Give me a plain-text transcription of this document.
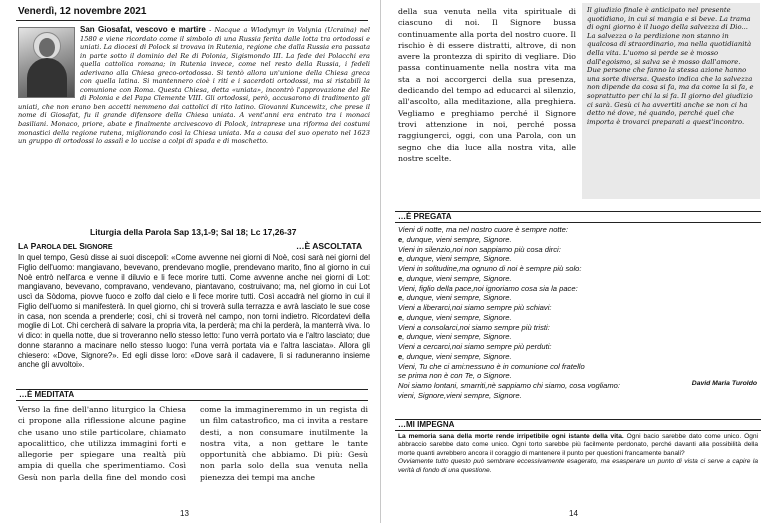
Venerdì, 12 novembre 2021
San Giosafat, vescovo e martire - Nacque a Wlodymyr in Volynia (Ucraina) nel 1580 e viene ricordato come il simbolo di una Russia ferita dalle lotta tra ortodossi e uniati. La diocesi di Polock si trovava in Rutenia, regione che dalla Russia era passata in parte sotto il dominio del Re di Polonia, Sigismondo III. La fede dei Polacchi era quella cattolica romana; in Rutenia invece, come nel resto della Russia, i fedeli aderivano alla Chiesa greco-ortodossa. Si tentò allora un'unione della Chiesa greca con quella latina. Si mantennero cioè i riti e i sacerdoti ortodossi, ma si ristabilì la comunione con Roma. Questa Chiesa, detta «uniata», incontrò l'approvazione del Re di Polonia e del Papa Clemente VIII. Gli ortodossi, però, accusarono di tradimento gli uniati, che non erano ben accetti nemmeno dai cattolici di rito latino. Giovanni Kuncewitz, che prese il nome di Giosafat, fu il grande difensore della Chiesa uniata. A vent'anni era entrato tra i monaci basiliani. Monaco, priore, abate e finalmente arcivescovo di Polock, intraprese una riforma dei costumi monastici della regione rutena, migliorando così la Chiesa uniata. Ma a causa del suo operato nel 1623 un gruppo di ortodossi lo assalì e lo uccise a colpi di spada e di moschetto.
Liturgia della Parola Sap 13,1-9; Sal 18; Lc 17,26-37
LA PAROLA DEL SIGNORE	…È ASCOLTATA
In quel tempo, Gesù disse ai suoi discepoli: «Come avvenne nei giorni di Noè, così sarà nei giorni del Figlio dell'uomo: mangiavano, bevevano, prendevano moglie, prendevano marito, fino al giorno in cui Noè entrò nell'arca e venne il diluvio e li fece morire tutti. Come avvenne anche nei giorni di Lot: mangiavano, bevevano, compravano, vendevano, piantavano, costruivano; ma, nel giorno in cui Lot uscì da Sòdoma, piovve fuoco e zolfo dal cielo e li fece morire tutti. Così accadrà nel giorno in cui il Figlio dell'uomo si manifesterà. In quel giorno, chi si troverà sulla terrazza e avrà lasciato le sue cose in casa, non scenda a prenderle; così, chi si troverà nel campo, non torni indietro. Ricordatevi della moglie di Lot. Chi cercherà di salvare la propria vita, la perderà; ma chi la perderà, la manterrà viva. Io vi dico: in quella notte, due si troveranno nello stesso letto: l'uno verrà portato via e l'altro lasciato; due donne staranno a macinare nello stesso luogo: l'una verrà portata via e l'altra lasciata». Allora gli chiesero: «Dove, Signore?». Ed egli disse loro: «Dove sarà il cadavere, lì si raduneranno insieme anche gli avvoltoi».
…È MEDITATA
Verso la fine dell'anno liturgico la Chiesa ci propone alla riflessione alcune pagine che usano uno stile particolare, chiamato apocalittico, che utilizza immagini forti e allegorie per spiegare una realtà più ampia di quella che sperimentiamo. Così Gesù non parla della fine del mondo così come la immagineremmo in un regista di un film catastrofico, ma ci invita a restare desti, a non consumare inutilmente la nostra vita, a non gettare le tante opportunità che abbiamo. Di più: Gesù non parla solo della sua venuta nella pienezza dei tempi ma anche
13
della sua venuta nella vita spirituale di ciascuno di noi. Il Signore bussa continuamente alla porta del nostro cuore. Il rischio è di essere distratti, altrove, di non avere la prontezza di spirito di vegliare. Dio passa continuamente nella nostra vita ma sta a noi accorgerci della sua presenza, dedicando del tempo ad educarci al silenzio, all'ascolto, alla meditazione, alla preghiera. Vegliamo e preghiamo perché il Signore trovi attenzione in noi, perché possa raggiungerci, oggi, con una Parola, con un segno che dia luce alla nostra vita, alle nostre scelte.
Il giudizio finale è anticipato nel presente quotidiano, in cui si mangia e si beve. La trama di ogni giorno è il luogo della salvezza di Dio... La salvezza o la perdizione non stanno in qualcosa di straordinario, ma nella quotidianità della vita. L'uomo si perde se è mosso dall'egoismo, si salva se è mosso dall'amore. Due persone che fanno la stessa azione hanno una sorte diversa. Questo indica che la salvezza non dipende da cosa si fa, ma da come la si fa, e soprattutto per chi la si fa. Il giorno del giudizio ci sarà. Gesù ci ha avvertiti anche se non ci ha detto né dove, né quando, perché quel che importa è trovarci preparati a quest'incontro.
…È PREGATA
Vieni di notte, ma nel nostro cuore è sempre notte:
e, dunque, vieni sempre, Signore.
Vieni in silenzio,noi non sappiamo più cosa dirci:
e, dunque, vieni sempre, Signore.
Vieni in solitudine,ma ognuno di noi è sempre più solo:
e, dunque, vieni sempre, Signore.
Vieni, figlio della pace,noi ignoriamo cosa sia la pace:
e, dunque, vieni sempre, Signore.
Vieni a liberarci,noi siamo sempre più schiavi:
e, dunque, vieni sempre, Signore.
Vieni a consolarci,noi siamo sempre più tristi:
e, dunque, vieni sempre, Signore.
Vieni a cercarci,noi siamo sempre più perduti:
e, dunque, vieni sempre, Signore.
Vieni, Tu che ci ami:nessuno è in comunione col fratello
se prima non è con Te, o Signore.
Noi siamo lontani, smarriti,nè sappiamo chi siamo, cosa vogliamo:
vieni, Signore,vieni sempre, Signore.
David Maria Turoldo
…MI IMPEGNA
La memoria sana della morte rende irripetibile ogni istante della vita. Ogni bacio sarebbe dato come unico. Ogni abbraccio sarebbe dato come unico. Ogni torto sarebbe più facilmente perdonato, perché davanti alla possibilità della morte quanti avrebbero ancora il coraggio di mantenere il punto per questioni francamente banali?
Ovviamente tutto questo può sembrare eccessivamente esagerato, ma esasperare un punto di vista ci serve a capire la verità di fondo di una questione.
14
